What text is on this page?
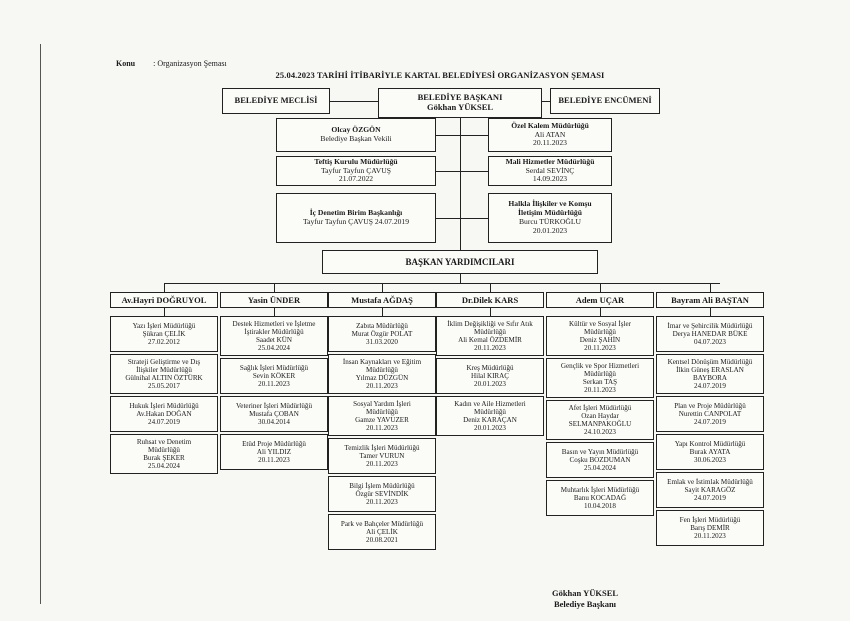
Konu : Organizasyon Şeması
25.04.2023 TARİHİ İTİBARİYLE KARTAL BELEDİYESİ ORGANİZASYON ŞEMASI
BELEDİYE MECLİSİ	BELEDİYE BAŞKANI
Gökhan YÜKSEL
BELEDİYE ENCÜMENİ
BAŞKAN YARDIMCILARI
Gökhan YÜKSEL
Belediye Başkanı
Olcay ÖZGÖN
Belediye Başkan Vekili
Teftiş Kurulu Müdürlüğü
Tayfur Tayfun ÇAVUŞ
21.07.2022
İç Denetim Birim Başkanlığı
Tayfur Tayfun ÇAVUŞ 24.07.2019
Özel Kalem Müdürlüğü
Ali ATAN
20.11.2023
Mali Hizmetler Müdürlüğü
Serdal SEVİNÇ
14.09.2023
Halkla İlişkiler ve Komşu
İletişim Müdürlüğü
Burcu TÜRKOĞLU
20.01.2023
Av.Hayri DOĞRUYOL
Yazı İşleri Müdürlüğü
Şükran ÇELİK
27.02.2012
Strateji Geliştirme ve Dış
İlişkiler Müdürlüğü
Gülnihal ALTIN ÖZTÜRK
25.05.2017
Hukuk İşleri Müdürlüğü
Av.Hakan DOĞAN
24.07.2019
Ruhsat ve Denetim
Müdürlüğü
Burak ŞEKER
25.04.2024
Yasin ÜNDER
Destek Hizmetleri ve İşletme
İştirakler Müdürlüğü
Saadet KÜN
25.04.2024
Sağlık İşleri Müdürlüğü
Sevin KÖKER
20.11.2023
Veteriner İşleri Müdürlüğü
Mustafa ÇOBAN
30.04.2014
Etüd Proje Müdürlüğü
Ali YILDIZ
20.11.2023
Mustafa AĞDAŞ
Zabıta Müdürlüğü
Murat Özgür POLAT
31.03.2020
İnsan Kaynakları ve Eğitim
Müdürlüğü
Yılmaz DÜZGÜN
20.11.2023
Sosyal Yardım İşleri
Müdürlüğü
Gamze YAVUZER
20.11.2023
Temizlik İşleri Müdürlüğü
Tamer VURUN
20.11.2023
Bilgi İşlem Müdürlüğü
Özgür SEVİNDİK
20.11.2023
Park ve Bahçeler Müdürlüğü
Ali ÇELİK
20.08.2021
Dr.Dilek KARS
İklim Değişikliği ve Sıfır Atık
Müdürlüğü
Ali Kemal ÖZDEMİR
20.11.2023
Kreş Müdürlüğü
Hilal KIRAÇ
20.01.2023
Kadın ve Aile Hizmetleri
Müdürlüğü
Deniz KARAÇAN
20.01.2023
Adem UÇAR
Kültür ve Sosyal İşler
Müdürlüğü
Deniz ŞAHİN
20.11.2023
Gençlik ve Spor Hizmetleri
Müdürlüğü
Serkan TAŞ
20.11.2023
Afet İşleri Müdürlüğü
Ozan Haydar
SELMANPAKOĞLU
24.10.2023
Basın ve Yayın Müdürlüğü
Coşku BOZDUMAN
25.04.2024
Muhtarlık İşleri Müdürlüğü
Banu KOCADAĞ
10.04.2018
Bayram Ali BAŞTAN
İmar ve Şehircilik Müdürlüğü
Derya HANEDAR BÜKE
04.07.2023
Kentsel Dönüşüm Müdürlüğü
İlkin Güneş ERASLAN
BAYBORA
24.07.2019
Plan ve Proje Müdürlüğü
Nurettin CANPOLAT
24.07.2019
Yapı Kontrol Müdürlüğü
Burak AYATA
30.06.2023
Emlak ve İstimlak Müdürlüğü
Sayit KARAGÖZ
24.07.2019
Fen İşleri Müdürlüğü
Barış DEMİR
20.11.2023
